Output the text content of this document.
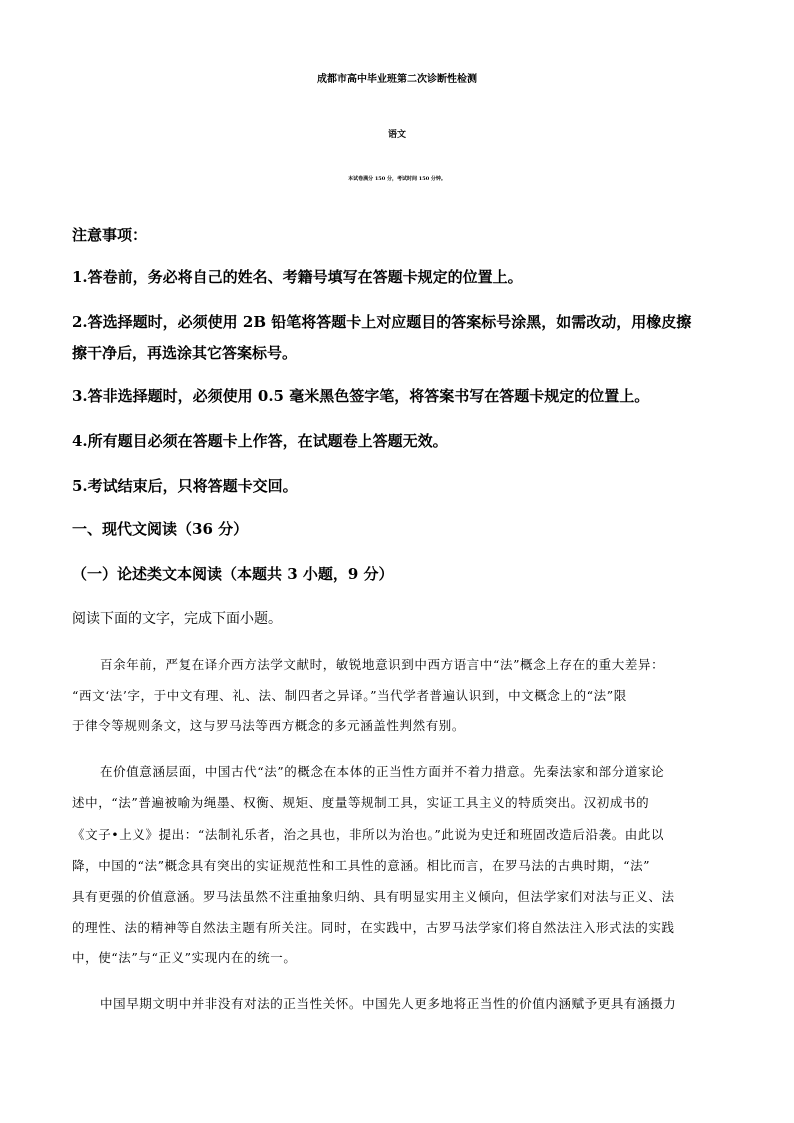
成都市高中毕业班第二次诊断性检测
语文
本试卷满分 150 分，考试时间 150 分钟。
注意事项：
1.答卷前，务必将自己的姓名、考籍号填写在答题卡规定的位置上。
2.答选择题时，必须使用 2B 铅笔将答题卡上对应题目的答案标号涂黑，如需改动，用橡皮擦
擦干净后，再选涂其它答案标号。
3.答非选择题时，必须使用 0.5 毫米黑色签字笔，将答案书写在答题卡规定的位置上。
4.所有题目必须在答题卡上作答，在试题卷上答题无效。
5.考试结束后，只将答题卡交回。
一、现代文阅读（36 分）
（一）论述类文本阅读（本题共 3 小题，9 分）
阅读下面的文字，完成下面小题。
百余年前，严复在译介西方法学文献时，敏锐地意识到中西方语言中“法”概念上存在的重大差异：
“西文‘法’字，于中文有理、礼、法、制四者之异译。”当代学者普遍认识到，中文概念上的“法”限
于律令等规则条文，这与罗马法等西方概念的多元涵盖性判然有别。
在价值意涵层面，中国古代“法”的概念在本体的正当性方面并不着力措意。先秦法家和部分道家论
述中，“法”普遍被喻为绳墨、权衡、规矩、度量等规制工具，实证工具主义的特质突出。汉初成书的
《文子•上义》提出：“法制礼乐者，治之具也，非所以为治也。”此说为史迁和班固改造后沿袭。由此以
降，中国的“法”概念具有突出的实证规范性和工具性的意涵。相比而言，在罗马法的古典时期，“法”
具有更强的价值意涵。罗马法虽然不注重抽象归纳、具有明显实用主义倾向，但法学家们对法与正义、法
的理性、法的精神等自然法主题有所关注。同时，在实践中，古罗马法学家们将自然法注入形式法的实践
中，使“法”与“正义”实现内在的统一。
中国早期文明中并非没有对法的正当性关怀。中国先人更多地将正当性的价值内涵赋予更具有涵摄力
